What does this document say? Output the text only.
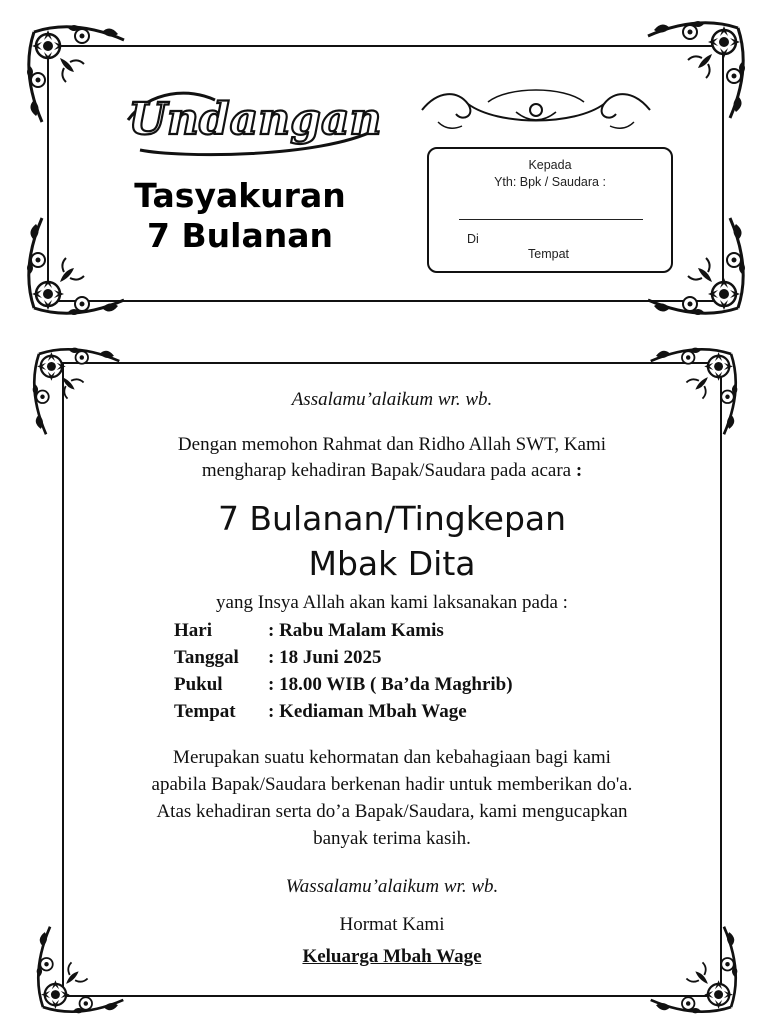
Undangan
Tasyakuran
7 Bulanan
Kepada
Yth: Bpk / Saudara :
Di
Tempat
Assalamu’alaikum wr. wb.
Dengan memohon Rahmat dan Ridho Allah SWT, Kami
mengharap kehadiran Bapak/Saudara pada acara :
7 Bulanan/Tingkepan
Mbak Dita
yang Insya Allah akan kami laksanakan pada :
Hari	: Rabu Malam Kamis
Tanggal	: 18 Juni 2025
Pukul	: 18.00 WIB ( Ba’da Maghrib)
Tempat	: Kediaman Mbah Wage
Merupakan suatu kehormatan dan kebahagiaan bagi kami
apabila Bapak/Saudara berkenan hadir untuk memberikan do'a.
Atas kehadiran serta do’a Bapak/Saudara, kami mengucapkan
banyak terima kasih.
Wassalamu’alaikum wr. wb.
Hormat Kami
Keluarga Mbah Wage
